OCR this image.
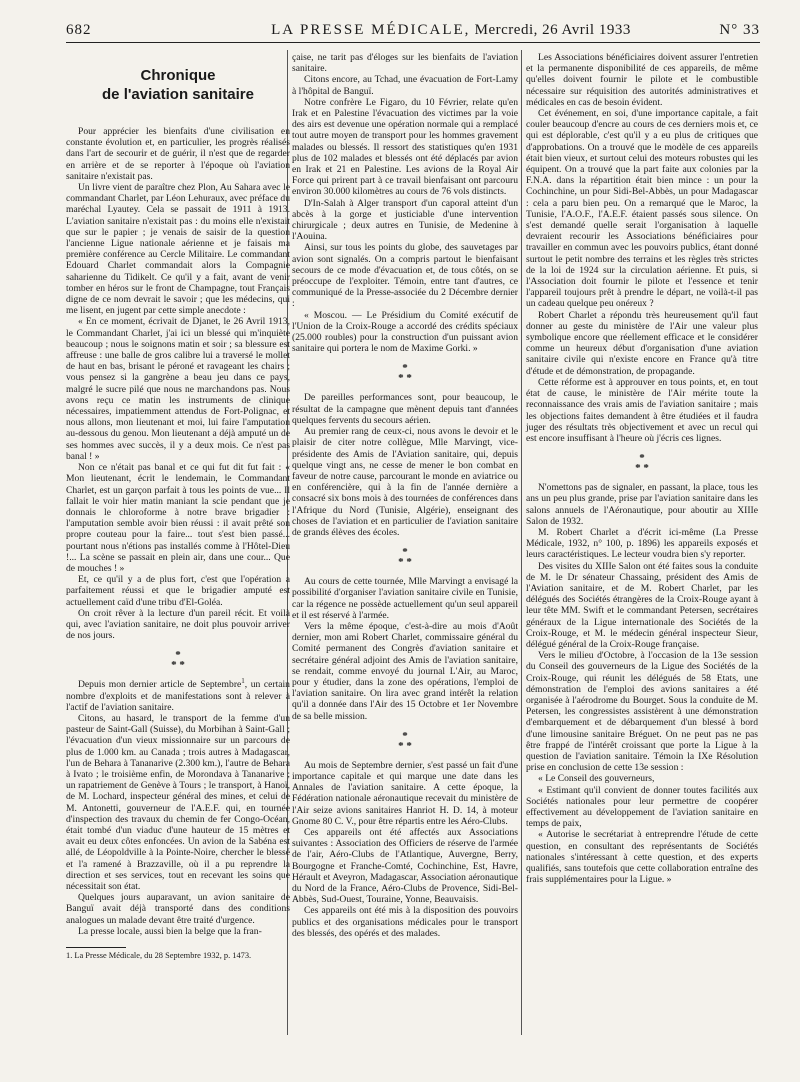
682	LA PRESSE MÉDICALE, Mercredi, 26 Avril 1933	N° 33
Chronique
de l'aviation sanitaire

Pour apprécier les bienfaits d'une civilisation en constante évolution et, en particulier, les progrès réalisés dans l'art de secourir et de guérir, il n'est que de regarder en arrière et de se reporter à l'époque où l'aviation sanitaire n'existait pas.

Un livre vient de paraître chez Plon, Au Sahara avec le commandant Charlet, par Léon Lehuraux, avec préface du maréchal Lyautey. Cela se passait de 1911 à 1913. L'aviation sanitaire n'existait pas : du moins elle n'existait que sur le papier ; je venais de saisir de la question l'ancienne Ligue nationale aérienne et je faisais ma première conférence au Cercle Militaire. Le commandant Edouard Charlet commandait alors la Compagnie saharienne du Tidikelt. Ce qu'il y a fait, avant de venir tomber en héros sur le front de Champagne, tout Français digne de ce nom devrait le savoir ; que les médecins, qui me lisent, en jugent par cette simple anecdote :

« En ce moment, écrivait de Djanet, le 26 Avril 1913, le Commandant Charlet, j'ai ici un blessé qui m'inquiète beaucoup ; nous le soignons matin et soir ; sa blessure est affreuse : une balle de gros calibre lui a traversé le mollet de haut en bas, brisant le péroné et ravageant les chairs ; vous pensez si la gangrène a beau jeu dans ce pays, malgré le sucre pilé que nous ne marchandons pas. Nous avons reçu ce matin les instruments de clinique nécessaires, impatiemment attendus de Fort-Polignac, et nous allons, mon lieutenant et moi, lui faire l'amputation au-dessous du genou. Mon lieutenant a déjà amputé un de ses hommes avec succès, il y a deux mois. Ce n'est pas banal ! »

Non ce n'était pas banal et ce qui fut dit fut fait : « Mon lieutenant, écrit le lendemain, le Commandant Charlet, est un garçon parfait à tous les points de vue... Il fallait le voir hier matin maniant la scie pendant que je donnais le chloroforme à notre brave brigadier : l'amputation semble avoir bien réussi : il avait prêté son propre couteau pour la faire... tout s'est bien passé... pourtant nous n'étions pas installés comme à l'Hôtel-Dieu !... La scène se passait en plein air, dans une cour... Que de mouches ! »

Et, ce qu'il y a de plus fort, c'est que l'opération a parfaitement réussi et que le brigadier amputé est actuellement caïd d'une tribu d'El-Goléa.

On croit rêver à la lecture d'un pareil récit. Et voilà qui, avec l'aviation sanitaire, ne doit plus pouvoir arriver de nos jours.

*
* *

Depuis mon dernier article de Septembre$^1$, un certain nombre d'exploits et de manifestations sont à relever à l'actif de l'aviation sanitaire.

Citons, au hasard, le transport de la femme d'un pasteur de Saint-Gall (Suisse), du Morbihan à Saint-Gall ; l'évacuation d'un vieux missionnaire sur un parcours de plus de 1.000 km. au Canada ; trois autres à Madagascar, l'un de Behara à Tananarive (2.300 km.), l'autre de Behara à Ivato ; le troisième enfin, de Morondava à Tananarive ; un rapatriement de Genève à Tours ; le transport, à Hanoï, de M. Lochard, inspecteur général des mines, et celui de M. Antonetti, gouverneur de l'A.E.F. qui, en tournée d'inspection des travaux du chemin de fer Congo-Océan, était tombé d'un viaduc d'une hauteur de 15 mètres et avait eu deux côtes enfoncées. Un avion de la Sabéna est allé, de Léopoldville à la Pointe-Noire, chercher le blessé et l'a ramené à Brazzaville, où il a pu reprendre la direction et ses services, tout en recevant les soins que nécessitait son état.

Quelques jours auparavant, un avion sanitaire de Banguï avait déjà transporté dans des conditions analogues un malade devant être traité d'urgence.

La presse locale, aussi bien la belge que la fran-

1. La Presse Médicale, du 28 Septembre 1932, p. 1473.

çaise, ne tarit pas d'éloges sur les bienfaits de l'aviation sanitaire.

Citons encore, au Tchad, une évacuation de Fort-Lamy à l'hôpital de Banguï.

Notre confrère Le Figaro, du 10 Février, relate qu'en Irak et en Palestine l'évacuation des victimes par la voie des airs est devenue une opération normale qui a remplacé tout autre moyen de transport pour les hommes gravement malades ou blessés. Il ressort des statistiques qu'en 1931 plus de 102 malades et blessés ont été déplacés par avion en Irak et 21 en Palestine. Les avions de la Royal Air Force qui prirent part à ce travail bienfaisant ont parcouru environ 30.000 kilomètres au cours de 76 vols distincts.

D'In-Salah à Alger transport d'un caporal atteint d'un abcès à la gorge et justiciable d'une intervention chirurgicale ; deux autres en Tunisie, de Medenine à l'Aouina.

Ainsi, sur tous les points du globe, des sauvetages par avion sont signalés. On a compris partout le bienfaisant secours de ce mode d'évacuation et, de tous côtés, on se préoccupe de l'exploiter. Témoin, entre tant d'autres, ce communiqué de la Presse-associée du 2 Décembre dernier :

« Moscou. — Le Présidium du Comité exécutif de l'Union de la Croix-Rouge a accordé des crédits spéciaux (25.000 roubles) pour la construction d'un puissant avion sanitaire qui portera le nom de Maxime Gorki. »

*
* *

De pareilles performances sont, pour beaucoup, le résultat de la campagne que mènent depuis tant d'années quelques fervents du secours aérien.

Au premier rang de ceux-ci, nous avons le devoir et le plaisir de citer notre collègue, Mlle Marvingt, vice-présidente des Amis de l'Aviation sanitaire, qui, depuis quelque vingt ans, ne cesse de mener le bon combat en faveur de notre cause, parcourant le monde en aviatrice ou en conférencière, qui à la fin de l'année dernière a consacré six bons mois à des tournées de conférences dans l'Afrique du Nord (Tunisie, Algérie), enseignant des choses de l'aviation et en particulier de l'aviation sanitaire de grands élèves des écoles.

*
* *

Au cours de cette tournée, Mlle Marvingt a envisagé la possibilité d'organiser l'aviation sanitaire civile en Tunisie, car la régence ne possède actuellement qu'un seul appareil et il est réservé à l'armée.

Vers la même époque, c'est-à-dire au mois d'Août dernier, mon ami Robert Charlet, commissaire général du Comité permanent des Congrès d'aviation sanitaire et secrétaire général adjoint des Amis de l'aviation sanitaire, se rendait, comme envoyé du journal L'Air, au Maroc, pour y étudier, dans la zone des opérations, l'emploi de l'aviation sanitaire. On lira avec grand intérêt la relation qu'il a donnée dans l'Air des 15 Octobre et 1er Novembre de sa belle mission.

*
* *

Au mois de Septembre dernier, s'est passé un fait d'une importance capitale et qui marque une date dans les Annales de l'aviation sanitaire. A cette époque, la Fédération nationale aéronautique recevait du ministère de l'Air seize avions sanitaires Hanriot H. D. 14, à moteur Gnome 80 C. V., pour être répartis entre les Aéro-Clubs.

Ces appareils ont été affectés aux Associations suivantes : Association des Officiers de réserve de l'armée de l'air, Aéro-Clubs de l'Atlantique, Auvergne, Berry, Bourgogne et Franche-Comté, Cochinchine, Est, Havre, Hérault et Aveyron, Madagascar, Association aéronautique du Nord de la France, Aéro-Clubs de Provence, Sidi-Bel-Abbès, Sud-Ouest, Touraine, Yonne, Beauvaisis.

Ces appareils ont été mis à la disposition des pouvoirs publics et des organisations médicales pour le transport des blessés, des opérés et des malades.

Les Associations bénéficiaires doivent assurer l'entretien et la permanente disponibilité de ces appareils, de même qu'elles doivent fournir le pilote et le combustible nécessaire sur réquisition des autorités administratives et médicales en cas de besoin évident.

Cet événement, en soi, d'une importance capitale, a fait couler beaucoup d'encre au cours de ces derniers mois et, ce qui est déplorable, c'est qu'il y a eu plus de critiques que d'approbations. On a trouvé que le modèle de ces appareils était bien vieux, et surtout celui des moteurs robustes qui les équipent. On a trouvé que la part faite aux colonies par la F.N.A. dans la répartition était bien mince : un pour la Cochinchine, un pour Sidi-Bel-Abbès, un pour Madagascar : cela a paru bien peu. On a remarqué que le Maroc, la Tunisie, l'A.O.F., l'A.E.F. étaient passés sous silence. On s'est demandé quelle serait l'organisation à laquelle devraient recourir les Associations bénéficiaires pour travailler en commun avec les pouvoirs publics, étant donné surtout le petit nombre des terrains et les règles très strictes de la loi de 1924 sur la circulation aérienne. Et puis, si l'Association doit fournir le pilote et l'essence et tenir l'appareil toujours prêt à prendre le départ, ne voilà-t-il pas un cadeau quelque peu onéreux ?

Robert Charlet a répondu très heureusement qu'il faut donner au geste du ministère de l'Air une valeur plus symbolique encore que réellement efficace et le considérer comme un heureux début d'organisation d'une aviation sanitaire civile qui n'existe encore en France qu'à titre d'étude et de démonstration, de propagande.

Cette réforme est à approuver en tous points, et, en tout état de cause, le ministère de l'Air mérite toute la reconnaissance des vrais amis de l'aviation sanitaire ; mais les objections faites demandent à être étudiées et il faudra juger des résultats très objectivement et avec un recul qui est encore insuffisant à l'heure où j'écris ces lignes.

*
* *

N'omettons pas de signaler, en passant, la place, tous les ans un peu plus grande, prise par l'aviation sanitaire dans les salons annuels de l'Aéronautique, pour aboutir au XIIIe Salon de 1932.

M. Robert Charlet a d'écrit ici-même (La Presse Médicale, 1932, n° 100, p. 1896) les appareils exposés et leurs caractéristiques. Le lecteur voudra bien s'y reporter.

Des visites du XIIIe Salon ont été faites sous la conduite de M. le Dr sénateur Chassaing, président des Amis de l'Aviation sanitaire, et de M. Robert Charlet, par les délégués des Sociétés étrangères de la Croix-Rouge ayant à leur tête MM. Swift et le commandant Petersen, secrétaires généraux de la Ligue internationale des Sociétés de la Croix-Rouge, et M. le médecin général inspecteur Sieur, délégué général de la Croix-Rouge française.

Vers le milieu d'Octobre, à l'occasion de la 13e session du Conseil des gouverneurs de la Ligue des Sociétés de la Croix-Rouge, qui réunit les délégués de 58 Etats, une démonstration de l'emploi des avions sanitaires a été organisée à l'aérodrome du Bourget. Sous la conduite de M. Petersen, les congressistes assistèrent à une démonstration d'embarquement et de débarquement d'un blessé à bord d'une limousine sanitaire Bréguet. On ne peut pas ne pas être frappé de l'intérêt croissant que porte la Ligue à la question de l'aviation sanitaire. Témoin la IXe Résolution prise en conclusion de cette 13e session :

« Le Conseil des gouverneurs,

« Estimant qu'il convient de donner toutes facilités aux Sociétés nationales pour leur permettre de coopérer effectivement au développement de l'aviation sanitaire en temps de paix,

« Autorise le secrétariat à entreprendre l'étude de cette question, en consultant des représentants de Sociétés nationales s'intéressant à cette question, et des experts qualifiés, sans toutefois que cette collaboration entraîne des frais supplémentaires pour la Ligue. »
